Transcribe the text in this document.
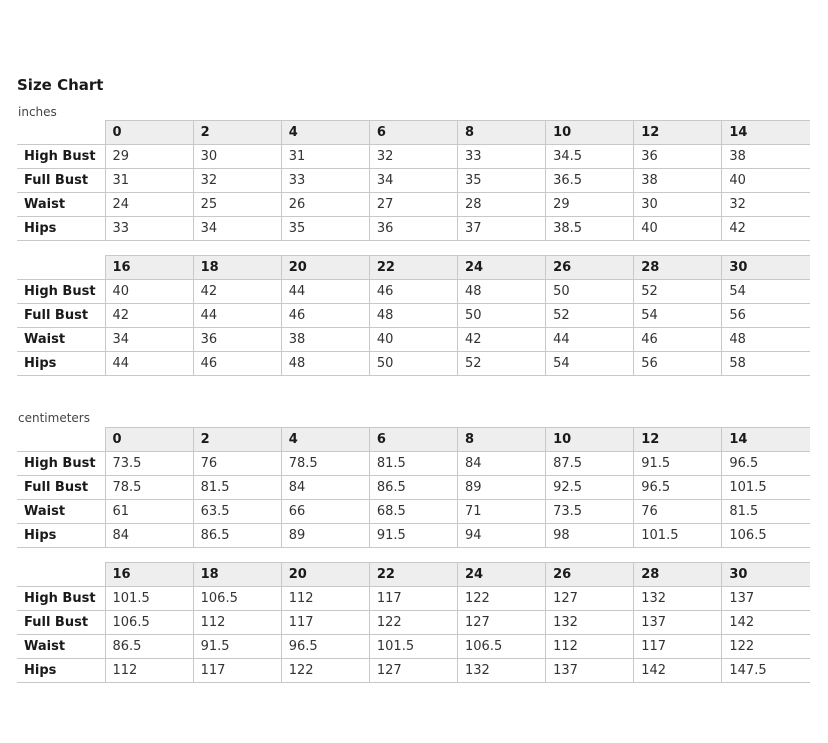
Size Chart
inches
	0	2	4	6	8	10	12	14
High Bust	29	30	31	32	33	34.5	36	38
Full Bust	31	32	33	34	35	36.5	38	40
Waist	24	25	26	27	28	29	30	32
Hips	33	34	35	36	37	38.5	40	42
	16	18	20	22	24	26	28	30
High Bust	40	42	44	46	48	50	52	54
Full Bust	42	44	46	48	50	52	54	56
Waist	34	36	38	40	42	44	46	48
Hips	44	46	48	50	52	54	56	58
centimeters
	0	2	4	6	8	10	12	14
High Bust	73.5	76	78.5	81.5	84	87.5	91.5	96.5
Full Bust	78.5	81.5	84	86.5	89	92.5	96.5	101.5
Waist	61	63.5	66	68.5	71	73.5	76	81.5
Hips	84	86.5	89	91.5	94	98	101.5	106.5
	16	18	20	22	24	26	28	30
High Bust	101.5	106.5	112	117	122	127	132	137
Full Bust	106.5	112	117	122	127	132	137	142
Waist	86.5	91.5	96.5	101.5	106.5	112	117	122
Hips	112	117	122	127	132	137	142	147.5
